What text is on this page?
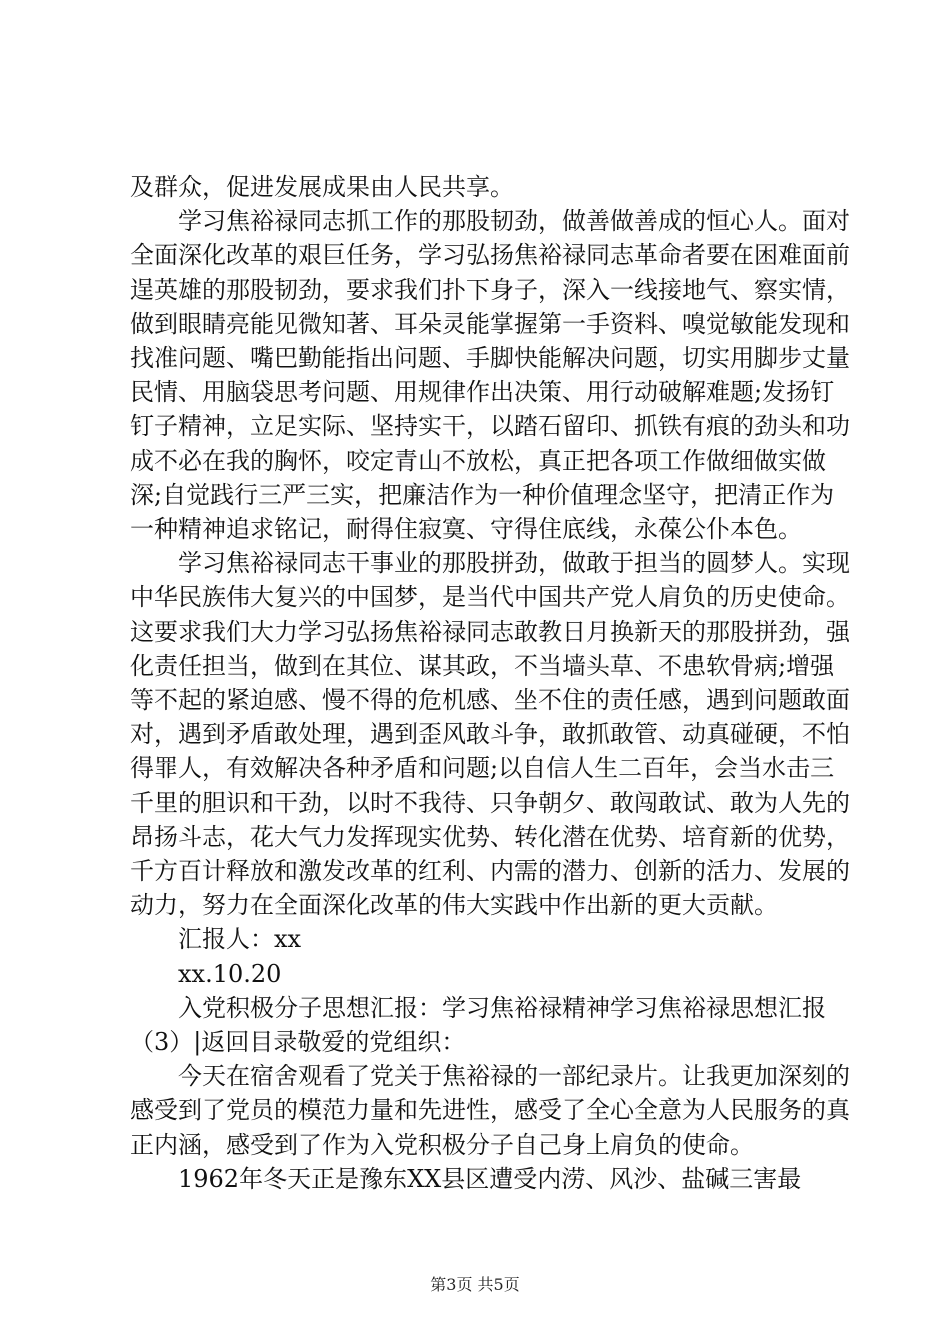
及群众，促进发展成果由人民共享。

学习焦裕禄同志抓工作的那股韧劲，做善做善成的恒心人。面对全面深化改革的艰巨任务，学习弘扬焦裕禄同志革命者要在困难面前逞英雄的那股韧劲，要求我们扑下身子，深入一线接地气、察实情，做到眼睛亮能见微知著、耳朵灵能掌握第一手资料、嗅觉敏能发现和找准问题、嘴巴勤能指出问题、手脚快能解决问题，切实用脚步丈量民情、用脑袋思考问题、用规律作出决策、用行动破解难题;发扬钉钉子精神，立足实际、坚持实干，以踏石留印、抓铁有痕的劲头和功成不必在我的胸怀，咬定青山不放松，真正把各项工作做细做实做深;自觉践行三严三实，把廉洁作为一种价值理念坚守，把清正作为一种精神追求铭记，耐得住寂寞、守得住底线，永葆公仆本色。

学习焦裕禄同志干事业的那股拼劲，做敢于担当的圆梦人。实现中华民族伟大复兴的中国梦，是当代中国共产党人肩负的历史使命。这要求我们大力学习弘扬焦裕禄同志敢教日月换新天的那股拼劲，强化责任担当，做到在其位、谋其政，不当墙头草、不患软骨病;增强等不起的紧迫感、慢不得的危机感、坐不住的责任感，遇到问题敢面对，遇到矛盾敢处理，遇到歪风敢斗争，敢抓敢管、动真碰硬，不怕得罪人，有效解决各种矛盾和问题;以自信人生二百年，会当水击三千里的胆识和干劲，以时不我待、只争朝夕、敢闯敢试、敢为人先的昂扬斗志，花大气力发挥现实优势、转化潜在优势、培育新的优势，千方百计释放和激发改革的红利、内需的潜力、创新的活力、发展的动力，努力在全面深化改革的伟大实践中作出新的更大贡献。

汇报人：xx

xx.10.20

入党积极分子思想汇报：学习焦裕禄精神学习焦裕禄思想汇报（3）|返回目录敬爱的党组织：

今天在宿舍观看了党关于焦裕禄的一部纪录片。让我更加深刻的感受到了党员的模范力量和先进性，感受了全心全意为人民服务的真正内涵，感受到了作为入党积极分子自己身上肩负的使命。

1962年冬天正是豫东XX县区遭受内涝、风沙、盐碱三害最

第3页 共5页
